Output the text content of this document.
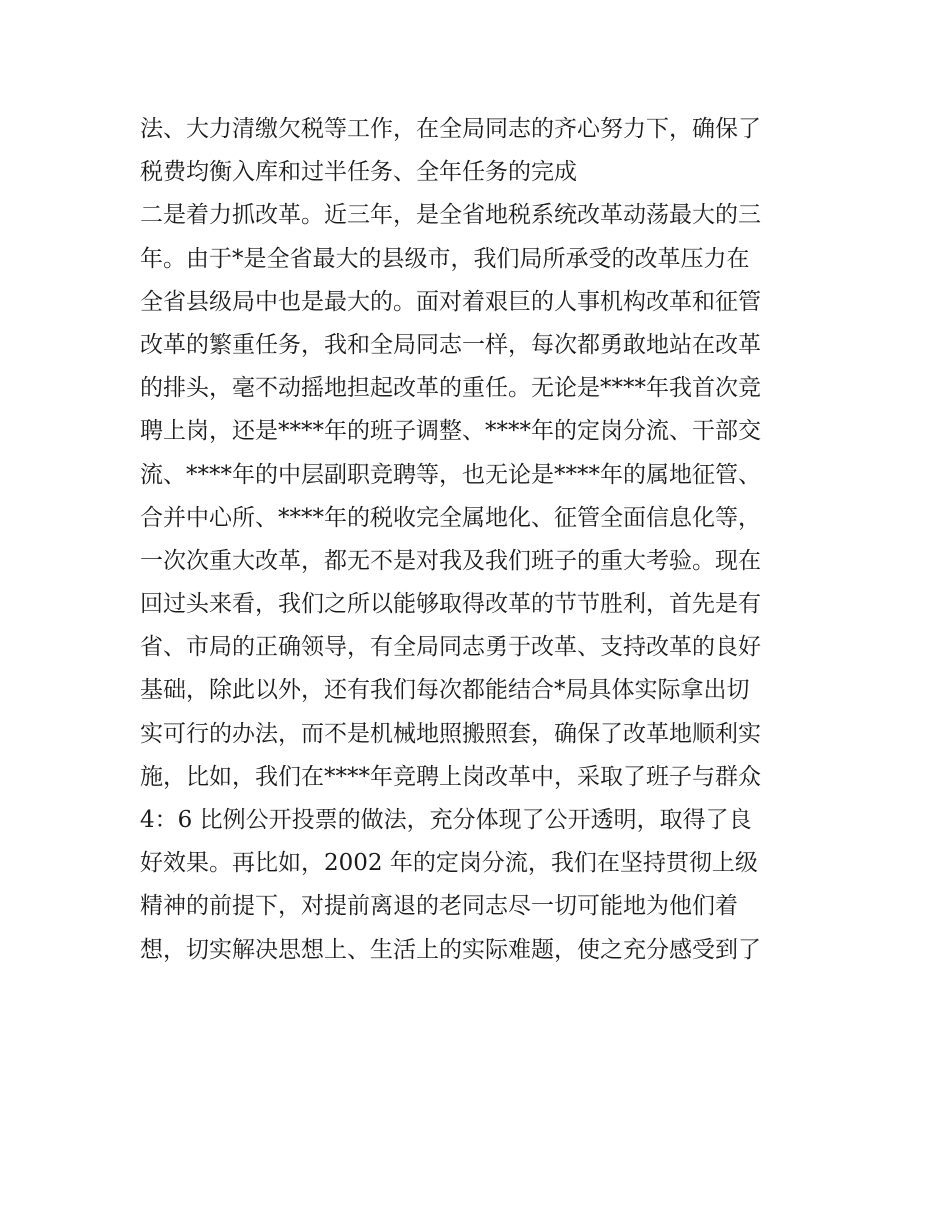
法、大力清缴欠税等工作，在全局同志的齐心努力下，确保了
税费均衡入库和过半任务、全年任务的完成
二是着力抓改革。近三年，是全省地税系统改革动荡最大的三
年。由于*是全省最大的县级市，我们局所承受的改革压力在
全省县级局中也是最大的。面对着艰巨的人事机构改革和征管
改革的繁重任务，我和全局同志一样，每次都勇敢地站在改革
的排头，毫不动摇地担起改革的重任。无论是****年我首次竞
聘上岗，还是****年的班子调整、****年的定岗分流、干部交
流、****年的中层副职竞聘等，也无论是****年的属地征管、
合并中心所、****年的税收完全属地化、征管全面信息化等，
一次次重大改革，都无不是对我及我们班子的重大考验。现在
回过头来看，我们之所以能够取得改革的节节胜利，首先是有
省、市局的正确领导，有全局同志勇于改革、支持改革的良好
基础，除此以外，还有我们每次都能结合*局具体实际拿出切
实可行的办法，而不是机械地照搬照套，确保了改革地顺利实
施，比如，我们在****年竞聘上岗改革中，采取了班子与群众
4：6 比例公开投票的做法，充分体现了公开透明，取得了良
好效果。再比如，2002 年的定岗分流，我们在坚持贯彻上级
精神的前提下，对提前离退的老同志尽一切可能地为他们着
想，切实解决思想上、生活上的实际难题，使之充分感受到了
